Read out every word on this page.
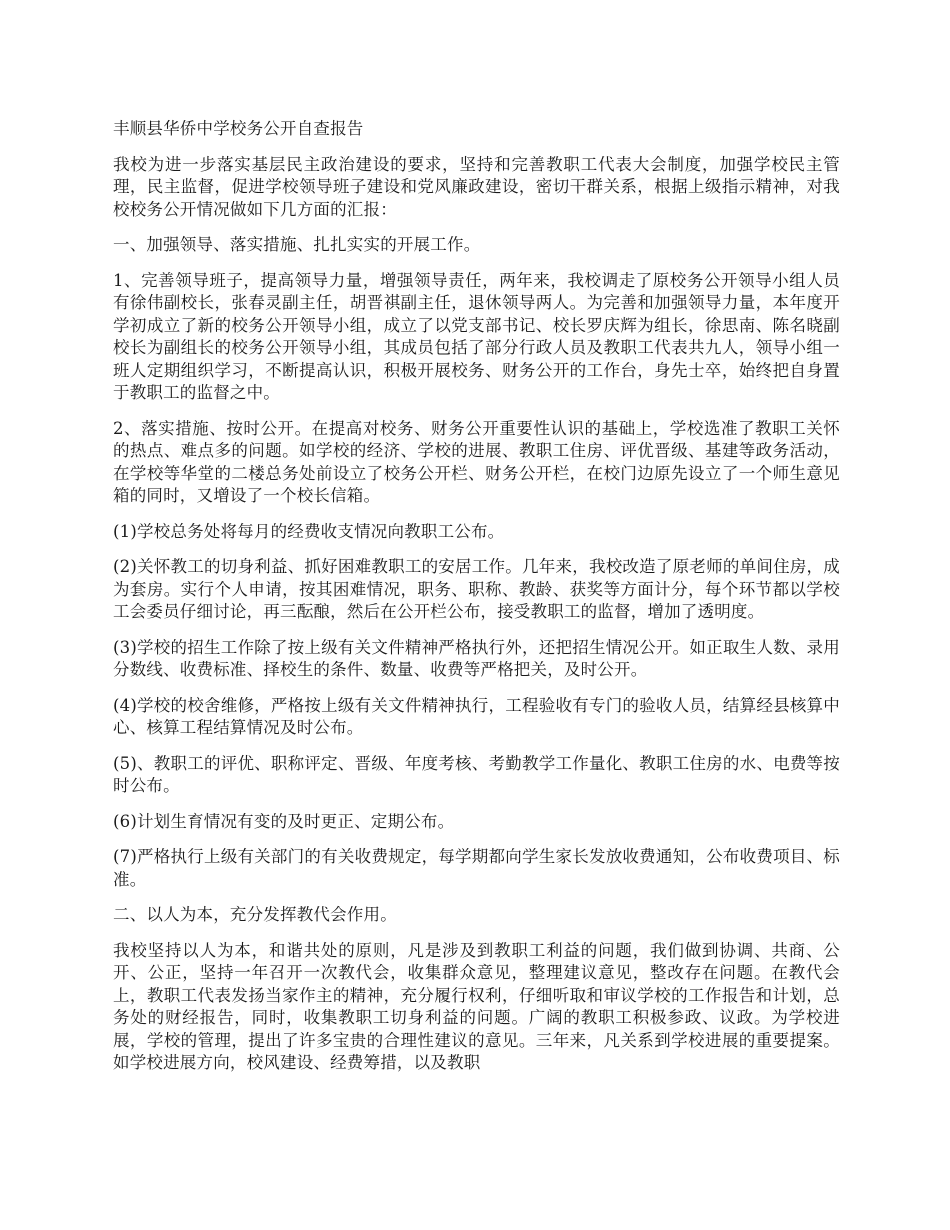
丰顺县华侨中学校务公开自查报告

我校为进一步落实基层民主政治建设的要求，坚持和完善教职工代表大会制度，加强学校民主管理，民主监督，促进学校领导班子建设和党风廉政建设，密切干群关系，根据上级指示精神，对我校校务公开情况做如下几方面的汇报：

一、加强领导、落实措施、扎扎实实的开展工作。

1、完善领导班子，提高领导力量，增强领导责任，两年来，我校调走了原校务公开领导小组人员有徐伟副校长，张春灵副主任，胡晋祺副主任，退休领导两人。为完善和加强领导力量，本年度开学初成立了新的校务公开领导小组，成立了以党支部书记、校长罗庆辉为组长，徐思南、陈名晓副校长为副组长的校务公开领导小组，其成员包括了部分行政人员及教职工代表共九人，领导小组一班人定期组织学习，不断提高认识，积极开展校务、财务公开的工作台，身先士卒，始终把自身置于教职工的监督之中。

2、落实措施、按时公开。在提高对校务、财务公开重要性认识的基础上，学校选准了教职工关怀的热点、难点多的问题。如学校的经济、学校的进展、教职工住房、评优晋级、基建等政务活动，在学校等华堂的二楼总务处前设立了校务公开栏、财务公开栏，在校门边原先设立了一个师生意见箱的同时，又增设了一个校长信箱。

(1)学校总务处将每月的经费收支情况向教职工公布。

(2)关怀教工的切身利益、抓好困难教职工的安居工作。几年来，我校改造了原老师的单间住房，成为套房。实行个人申请，按其困难情况，职务、职称、教龄、获奖等方面计分，每个环节都以学校工会委员仔细讨论，再三酝酿，然后在公开栏公布，接受教职工的监督，增加了透明度。

(3)学校的招生工作除了按上级有关文件精神严格执行外，还把招生情况公开。如正取生人数、录用分数线、收费标准、择校生的条件、数量、收费等严格把关，及时公开。

(4)学校的校舍维修，严格按上级有关文件精神执行，工程验收有专门的验收人员，结算经县核算中心、核算工程结算情况及时公布。

(5)、教职工的评优、职称评定、晋级、年度考核、考勤教学工作量化、教职工住房的水、电费等按时公布。

(6)计划生育情况有变的及时更正、定期公布。

(7)严格执行上级有关部门的有关收费规定，每学期都向学生家长发放收费通知，公布收费项目、标准。

二、以人为本，充分发挥教代会作用。

我校坚持以人为本，和谐共处的原则，凡是涉及到教职工利益的问题，我们做到协调、共商、公开、公正，坚持一年召开一次教代会，收集群众意见，整理建议意见，整改存在问题。在教代会上，教职工代表发扬当家作主的精神，充分履行权利，仔细听取和审议学校的工作报告和计划，总务处的财经报告，同时，收集教职工切身利益的问题。广阔的教职工积极参政、议政。为学校进展，学校的管理，提出了许多宝贵的合理性建议的意见。三年来，凡关系到学校进展的重要提案。如学校进展方向，校风建设、经费筹措，以及教职
